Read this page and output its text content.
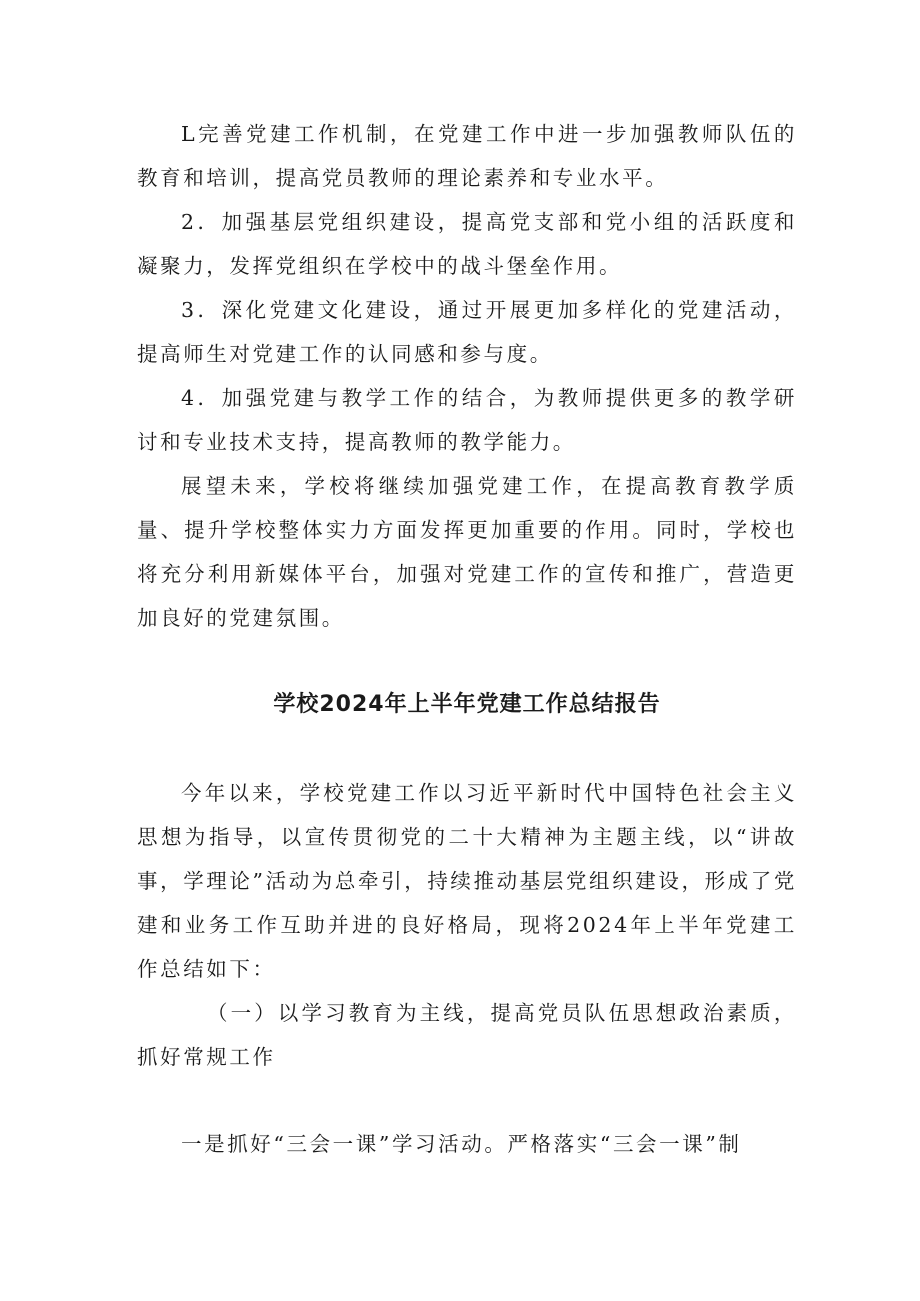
L完善党建工作机制，在党建工作中进一步加强教师队伍的教育和培训，提高党员教师的理论素养和专业水平。

2．加强基层党组织建设，提高党支部和党小组的活跃度和凝聚力，发挥党组织在学校中的战斗堡垒作用。

3．深化党建文化建设，通过开展更加多样化的党建活动，提高师生对党建工作的认同感和参与度。

4．加强党建与教学工作的结合，为教师提供更多的教学研讨和专业技术支持，提高教师的教学能力。

展望未来，学校将继续加强党建工作，在提高教育教学质量、提升学校整体实力方面发挥更加重要的作用。同时，学校也将充分利用新媒体平台，加强对党建工作的宣传和推广，营造更加良好的党建氛围。

学校2024年上半年党建工作总结报告

今年以来，学校党建工作以习近平新时代中国特色社会主义思想为指导，以宣传贯彻党的二十大精神为主题主线，以“讲故事，学理论”活动为总牵引，持续推动基层党组织建设，形成了党建和业务工作互助并进的良好格局，现将2024年上半年党建工作总结如下：

（一）以学习教育为主线，提高党员队伍思想政治素质，抓好常规工作

一是抓好“三会一课”学习活动。严格落实“三会一课”制
